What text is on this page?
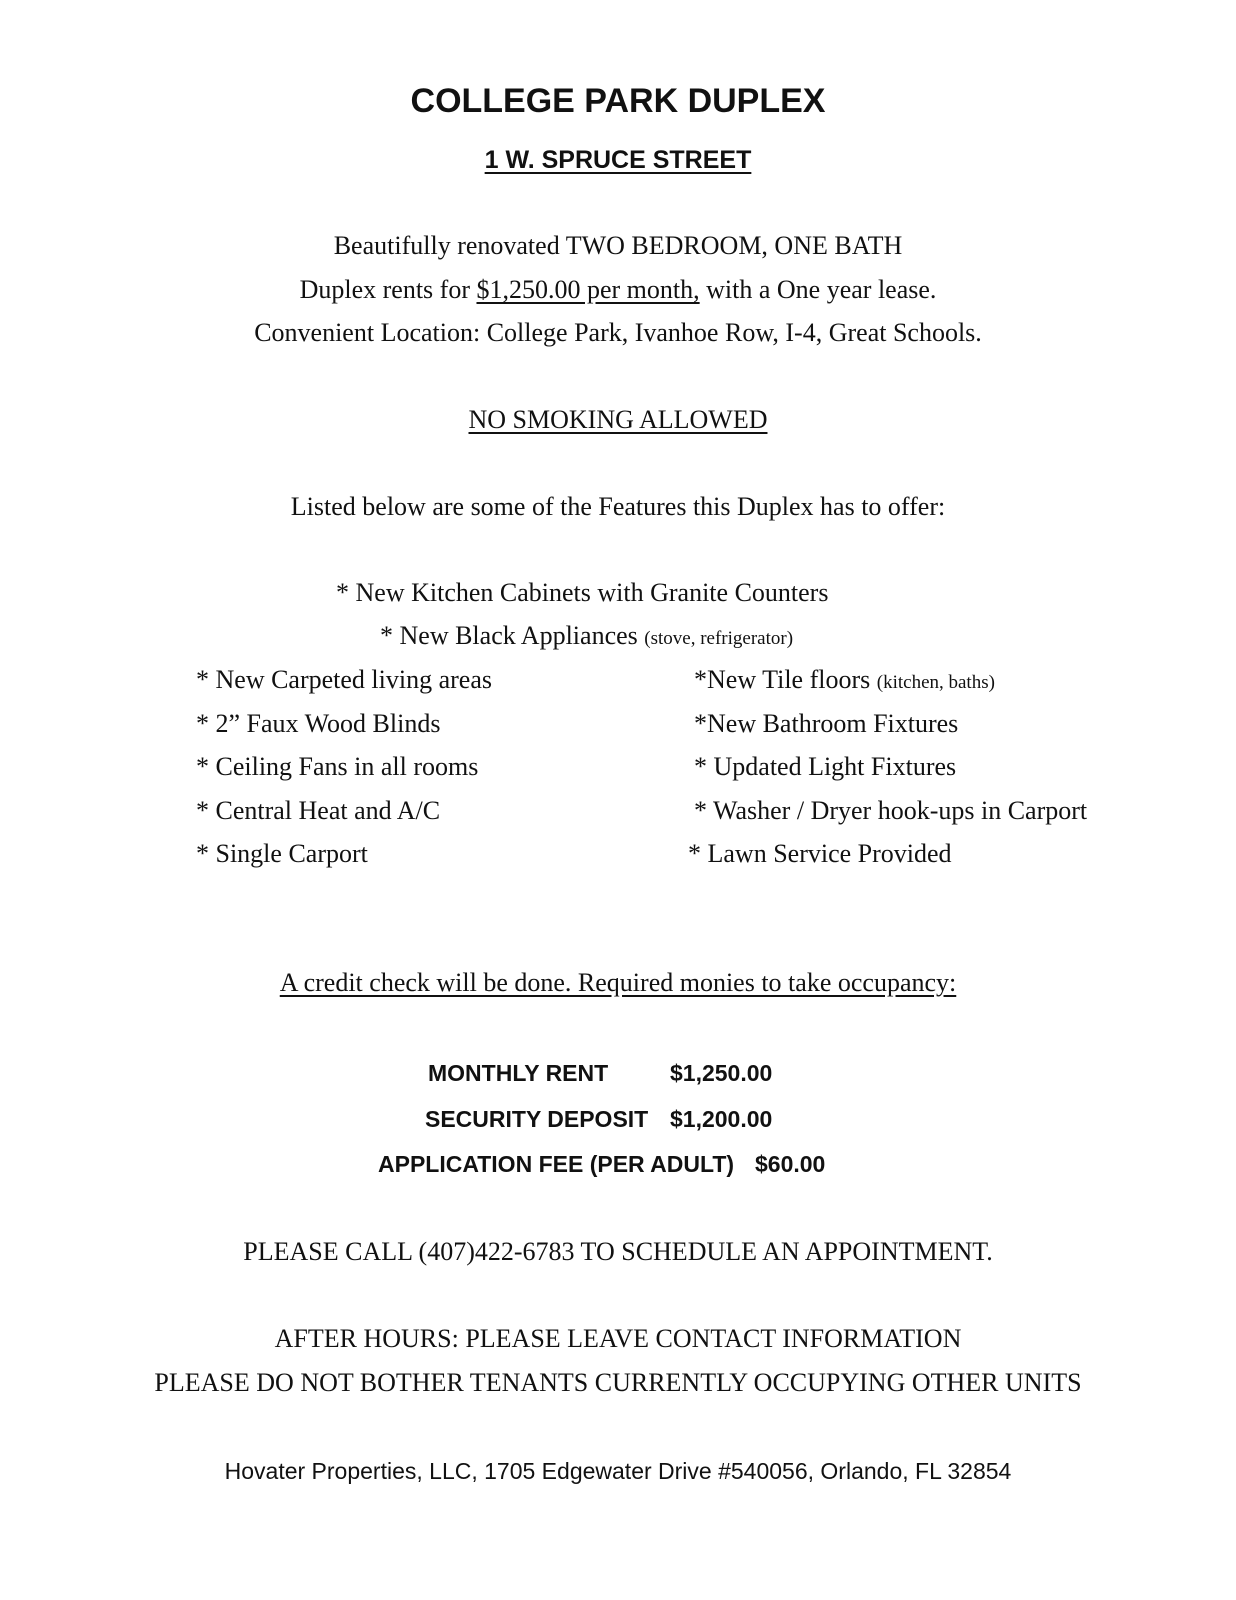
COLLEGE PARK DUPLEX
1 W. SPRUCE STREET
Beautifully renovated TWO BEDROOM, ONE BATH
Duplex rents for $1,250.00 per month, with a One year lease.
Convenient Location: College Park, Ivanhoe Row, I-4, Great Schools.
NO SMOKING ALLOWED
Listed below are some of the Features this Duplex has to offer:
* New Kitchen Cabinets with Granite Counters
* New Black Appliances (stove, refrigerator)
* New Carpeted living areas
* 2” Faux Wood Blinds
* Ceiling Fans in all rooms
* Central Heat and A/C
* Single Carport
*New Tile floors (kitchen, baths)
*New Bathroom Fixtures
* Updated Light Fixtures
* Washer / Dryer hook-ups in Carport
* Lawn Service Provided
A credit check will be done. Required monies to take occupancy:
MONTHLY RENT	$1,250.00
SECURITY DEPOSIT $1,200.00
APPLICATION FEE (PER ADULT) $60.00
PLEASE CALL (407)422-6783 TO SCHEDULE AN APPOINTMENT.
AFTER HOURS: PLEASE LEAVE CONTACT INFORMATION
PLEASE DO NOT BOTHER TENANTS CURRENTLY OCCUPYING OTHER UNITS
Hovater Properties, LLC, 1705 Edgewater Drive #540056, Orlando, FL 32854
